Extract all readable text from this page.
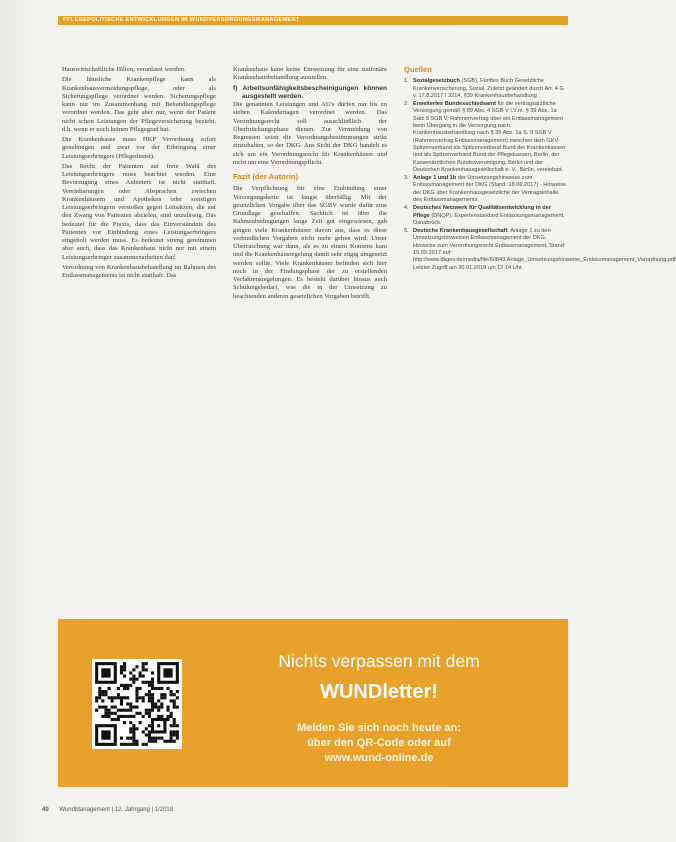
PFLEGEPOLITISCHE ENTWICKLUNGEN IM WUNDVERSORGUNGSMANAGEMENT

Hauswirtschaftliche Hilfen, veranlasst werden.

Die häusliche Krankenpflege kann als Krankenhausvermeidungspflege, oder als Sicherungspflege verordnet werden. Sicherungspflege kann nur im Zusammenhang mit Behandlungspflege verordnet werden. Das geht aber nur, wenn der Patient nicht schon Leistungen der Pflegeversicherung bezieht, d.h. wenn er noch keinen Pflegegrad hat.

Die Krankenkasse muss HKP Verordnung sofort genehmigen und zwar vor der Erbringung einer Leistungserbringers (Pflegedienst).

Das Recht der Patienten auf freie Wahl des Leistungserbringers muss beachtet werden. Eine Bevorzugung eines Anbieters ist nicht statthaft. Vereinbarungen oder Absprachen zwischen Krankenhäusern und Apotheken oder sonstigen Leistungserbringern verstoßen gegen Leitsätzen, die auf den Zwang von Patienten abzielen, sind unzulässig. Das bedeutet für die Praxis, dass das Einverständnis des Patienten vor Einbindung eines Leistungserbringers eingeholt werden muss. Es bedeutet streng genommen aber auch, dass das Krankenhaus nicht nur mit einem Leistungserbringer zusammenarbeiten darf.

Verordnung von Krankenhausbehandlung im Rahmen des Entlassmanagements ist nicht statthaft. Das

Krankenhaus kann keine Einweisung für eine stationäre Krankenhausbehandlung ausstellen.

f) Arbeitsunfähigkeitsbescheinigungen können ausgestellt werden.

Die genannten Leistungen und AU's dürfen nur bis zu sieben Kalendertagen verordnet werden. Das Verordnungsrecht soll ausschließlich der Überbrückungsphase dienen. Zur Vermeidung von Regressen seien die Verordnungsbestimmungen strikt einzuhalten, so der DKG. Aus Sicht der DKG handelt es sich um ein Verordnungsrecht für Krankenhäuser und nicht um eine Verordnungspflicht.

Fazit (der Autorin)

Die Verpflichtung für eine Einbindung einer Versorgungskette ist längst überfällig. Mit der gesetzlichen Vorgabe über das SGBV wurde dafür eine Grundlage geschaffen. Sachlich ist über die Rahmenbedingungen lange Zeit gut eingewiesen, gab gingen viele Krankenhäuser davon aus, dass es diese verbindlichen Vorgaben nicht mehr geben wird. Unser Überraschung war dann, als es zu einem Konsens kam und die Krankenhausregelung damit sehr zügig umgesetzt werden sollte. Viele Krankenhäuser befinden sich hier noch in der Findungsphase der zu erstellenden Verfahrensregelungen. Es besteht darüber hinaus auch Schulungsbedarf, was die in der Umsetzung zu beachtenden anderen gesetzlichen Vorgaben betrifft.

Quellen
1. Sozialgesetzbuch (SGB), Fünftes Buch Gesetzliche Krankenversicherung, Sozial. Zuletzt geändert durch Art. 4 G v. 17.8.2017 I 3214, §39 Krankenhausbehandlung.
2. Erweitertes Bundesschiedsamt für die vertragsärztliche Versorgung gemäß § 89 Abs. 4 SGB V i.V.m. § 39 Abs. 1a Satz 9 SGB V, Rahmenvertrag über ein Entlassmanagement beim Übergang in die Versorgung nach Krankenhausbehandlung nach § 39 Abs. 1a S. 9 SGB V (Rahmenvertrag Entlassmanagement) zwischen dem GKV-Spitzenverband als Spitzenverband Bund der Krankenkassen und als Spitzenverband Bund der Pflegekassen, Berlin, der Kassenärztlichen Bundesvereinigung, Berlin und der Deutschen Krankenhausgesellschaft e. V., Berlin, vereinbart.
3. Anlage 1 und 1b der Umsetzungshinweise zum Entlassmanagement der DKG (Stand: 18.06.2017) - Hinweise der DKG über Krankenhausgesetzliche der Vertragsinhalte des Entlassmanagements.
4. Deutsches Netzwerk für Qualitätsentwicklung in der Pflege (DNQP): Expertenstandard Entlassungsmanagement, Osnabrück.
5. Deutsche Krankenhausgesellschaft: Anlage 1 zu den Umsetzungshinweisen Entlassmanagement der DKG, Hinweise zum Verordnungsrecht Entlassmanagement, Stand: 15.09.2017 auf: http://www.dkgev.de/media/file/60843.Anlage_Umsetzungshinweise_Entlassmanagement_Verordnung.pdf Letzter Zugriff am 30.01.2018 um 12:14 Uhr.
Nichts verpassen mit dem
WUNDletter!
Melden Sie sich noch heute an:
über den QR-Code oder auf
www.wund-online.de
40 WundManagement | 12. Jahrgang | 1/2018
